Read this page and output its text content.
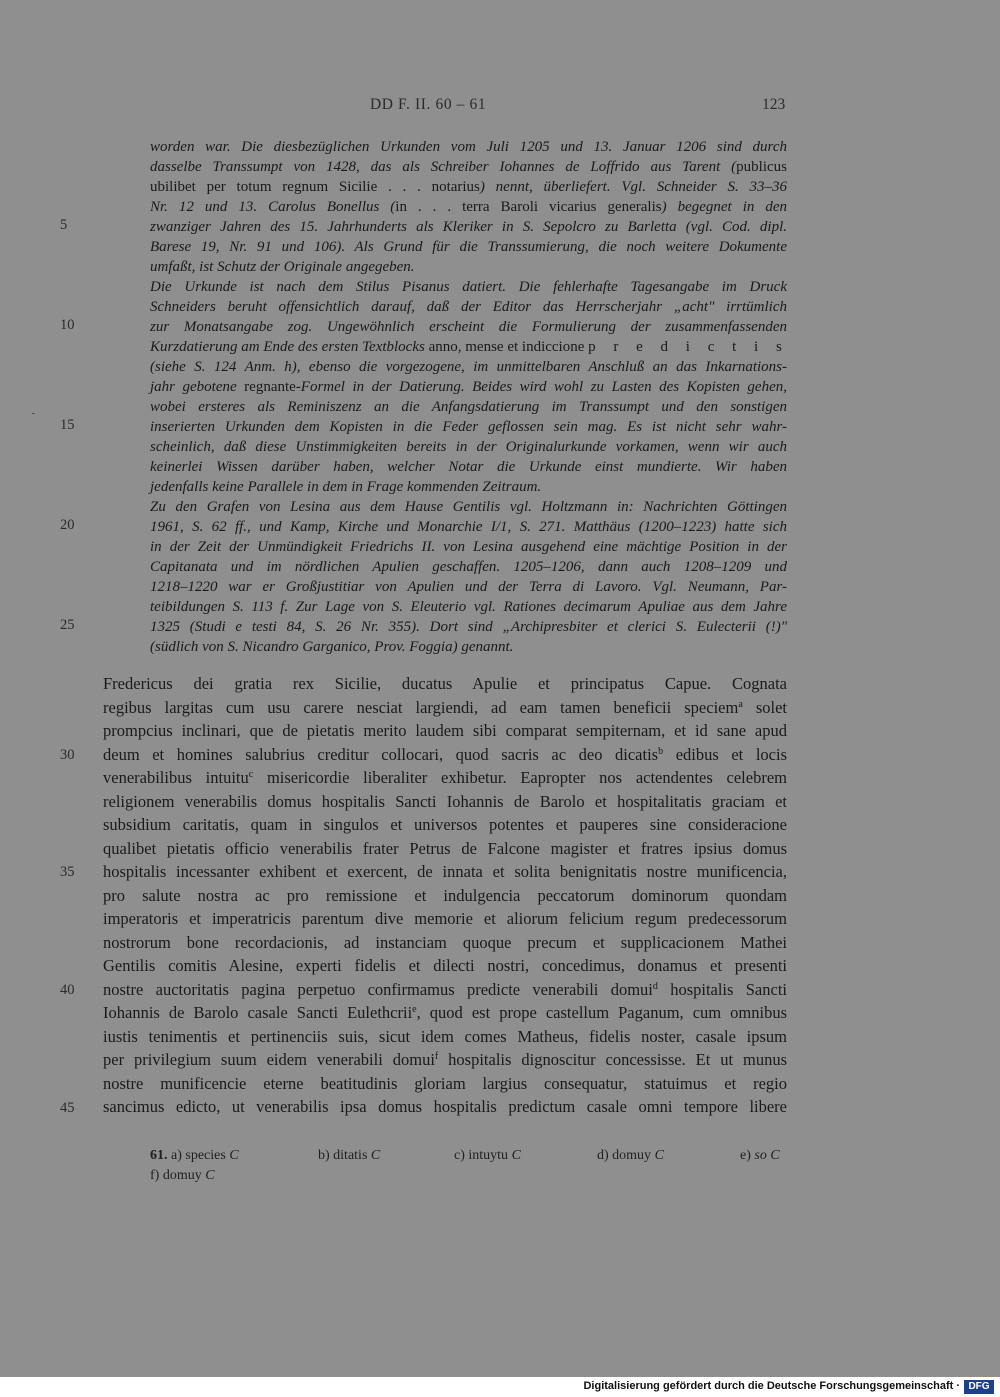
DD F. II. 60 – 61	123
worden war. Die diesbezüglichen Urkunden vom Juli 1205 und 13. Januar 1206 sind durch
dasselbe Transsumpt von 1428, das als Schreiber Iohannes de Loffrido aus Tarent (publicus
ubilibet per totum regnum Sicilie . . . notarius) nennt, überliefert. Vgl. Schneider S. 33–36
Nr. 12 und 13. Carolus Bonellus (in . . . terra Baroli vicarius generalis) begegnet in den
zwanziger Jahren des 15. Jahrhunderts als Kleriker in S. Sepolcro zu Barletta (vgl. Cod. dipl.
Barese 19, Nr. 91 und 106). Als Grund für die Transsumierung, die noch weitere Dokumente
umfaßt, ist Schutz der Originale angegeben.
Die Urkunde ist nach dem Stilus Pisanus datiert. Die fehlerhafte Tagesangabe im Druck
Schneiders beruht offensichtlich darauf, daß der Editor das Herrscherjahr „acht" irrtümlich
zur Monatsangabe zog. Ungewöhnlich erscheint die Formulierung der zusammenfassenden
Kurzdatierung am Ende des ersten Textblocks anno, mense et indiccione p r e d i c t i s
(siehe S. 124 Anm. h), ebenso die vorgezogene, im unmittelbaren Anschluß an das Inkarnations-
jahr gebotene regnante-Formel in der Datierung. Beides wird wohl zu Lasten des Kopisten gehen,
wobei ersteres als Reminiszenz an die Anfangsdatierung im Transsumpt und den sonstigen
inserierten Urkunden dem Kopisten in die Feder geflossen sein mag. Es ist nicht sehr wahr-
scheinlich, daß diese Unstimmigkeiten bereits in der Originalurkunde vorkamen, wenn wir auch
keinerlei Wissen darüber haben, welcher Notar die Urkunde einst mundierte. Wir haben
jedenfalls keine Parallele in dem in Frage kommenden Zeitraum.
Zu den Grafen von Lesina aus dem Hause Gentilis vgl. Holtzmann in: Nachrichten Göttingen
1961, S. 62 ff., und Kamp, Kirche und Monarchie I/1, S. 271. Matthäus (1200–1223) hatte sich
in der Zeit der Unmündigkeit Friedrichs II. von Lesina ausgehend eine mächtige Position in der
Capitanata und im nördlichen Apulien geschaffen. 1205–1206, dann auch 1208–1209 und
1218–1220 war er Großjustitiar von Apulien und der Terra di Lavoro. Vgl. Neumann, Par-
teibildungen S. 113 f. Zur Lage von S. Eleuterio vgl. Rationes decimarum Apuliae aus dem Jahre
1325 (Studi e testi 84, S. 26 Nr. 355). Dort sind „Archipresbiter et clerici S. Eulecterii (!)"
(südlich von S. Nicandro Garganico, Prov. Foggia) genannt.
Fredericus dei gratia rex Sicilie, ducatus Apulie et principatus Capue. Cognata
regibus largitas cum usu carere nesciat largiendi, ad eam tamen beneficii speciem$^a$ solet
prompcius inclinari, que de pietatis merito laudem sibi comparat sempiternam, et id sane apud
deum et homines salubrius creditur collocari, quod sacris ac deo dicatis$^b$ edibus et locis
venerabilibus intuitu$^c$ misericordie liberaliter exhibetur. Eapropter nos actendentes celebrem
religionem venerabilis domus hospitalis Sancti Iohannis de Barolo et hospitalitatis graciam et
subsidium caritatis, quam in singulos et universos potentes et pauperes sine consideracione
qualibet pietatis officio venerabilis frater Petrus de Falcone magister et fratres ipsius domus
hospitalis incessanter exhibent et exercent, de innata et solita benignitatis nostre munificencia,
pro salute nostra ac pro remissione et indulgencia peccatorum dominorum quondam
imperatoris et imperatricis parentum dive memorie et aliorum felicium regum predecessorum
nostrorum bone recordacionis, ad instanciam quoque precum et supplicacionem Mathei
Gentilis comitis Alesine, experti fidelis et dilecti nostri, concedimus, donamus et presenti
nostre auctoritatis pagina perpetuo confirmamus predicte venerabili domui$^d$ hospitalis Sancti
Iohannis de Barolo casale Sancti Eulethcrii$^e$, quod est prope castellum Paganum, cum omnibus
iustis tenimentis et pertinenciis suis, sicut idem comes Matheus, fidelis noster, casale ipsum
per privilegium suum eidem venerabili domui$^f$ hospitalis dignoscitur concessisse. Et ut munus
nostre munificencie eterne beatitudinis gloriam largius consequatur, statuimus et regio
sancimus edicto, ut venerabilis ipsa domus hospitalis predictum casale omni tempore libere
5
10
15
20
25
30
35
40
45
61. a) species C	b) ditatis C	c) intuytu C	d) domuy C	e) so C
f) domuy C
Digitalisierung gefördert durch die Deutsche Forschungsgemeinschaft · DFG
